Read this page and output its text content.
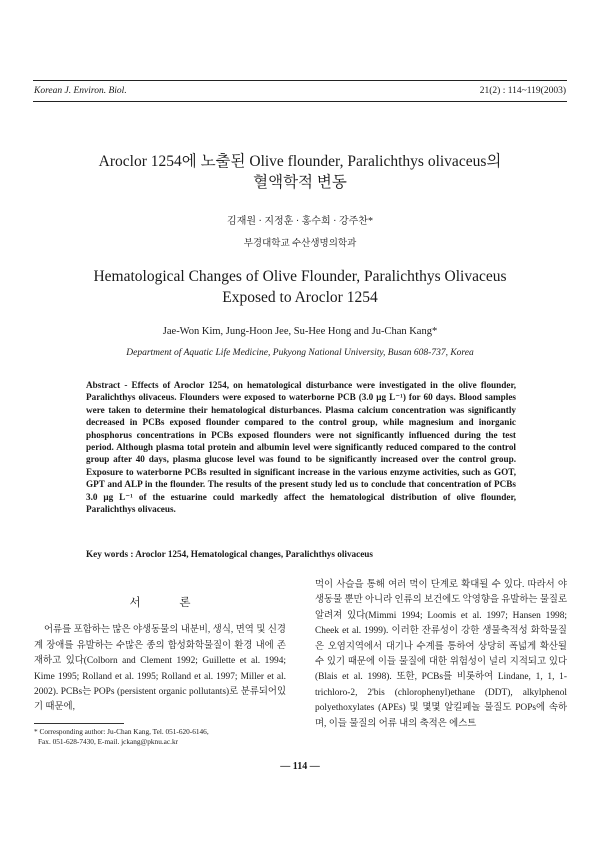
Korean J. Environ. Biol.	21(2) : 114~119(2003)
Aroclor 1254에 노출된 Olive flounder, Paralichthys olivaceus의
혈액학적 변동
김재원 · 지정훈 · 홍수희 · 강주찬*
부경대학교 수산생명의학과
Hematological Changes of Olive Flounder, Paralichthys Olivaceus
Exposed to Aroclor 1254
Jae-Won Kim, Jung-Hoon Jee, Su-Hee Hong and Ju-Chan Kang*
Department of Aquatic Life Medicine, Pukyong National University, Busan 608-737, Korea
Abstract - Effects of Aroclor 1254, on hematological disturbance were investigated in the olive flounder, Paralichthys olivaceus. Flounders were exposed to waterborne PCB (3.0 μg L⁻¹) for 60 days. Blood samples were taken to determine their hematological disturbances. Plasma calcium concentration was significantly decreased in PCBs exposed flounder compared to the control group, while magnesium and inorganic phosphorus concentrations in PCBs exposed flounders were not significantly influenced during the test period. Although plasma total protein and albumin level were significantly reduced compared to the control group after 40 days, plasma glucose level was found to be significantly increased over the control group. Exposure to waterborne PCBs resulted in significant increase in the various enzyme activities, such as GOT, GPT and ALP in the flounder. The results of the present study led us to conclude that concentration of PCBs 3.0 μg L⁻¹ of the estuarine could markedly affect the hematological distribution of olive flounder, Paralichthys olivaceus.
Key words : Aroclor 1254, Hematological changes, Paralichthys olivaceus
서 론
어류를 포함하는 많은 야생동물의 내분비, 생식, 면역 및 신경계 장애를 유발하는 수많은 종의 합성화학물질이 환경 내에 존재하고 있다(Colborn and Clement 1992; Guillette et al. 1994; Kime 1995; Rolland et al. 1995; Rolland et al. 1997; Miller et al. 2002). PCBs는 POPs (persistent organic pollutants)로 분류되어있기 때문에,
먹이 사슬을 통해 여러 먹이 단계로 확대될 수 있다. 따라서 야생동물 뿐만 아니라 인류의 보건에도 악영향을 유발하는 물질로 알려져 있다(Mimmi 1994; Loomis et al. 1997; Hansen 1998; Cheek et al. 1999). 이러한 잔류성이 강한 생물축적성 화학물질은 오염지역에서 대기나 수계를 통하여 상당히 폭넓게 확산될 수 있기 때문에 이들 물질에 대한 위험성이 널리 지적되고 있다(Blais et al. 1998). 또한, PCBs를 비롯하여 Lindane, 1, 1, 1-trichloro-2, 2'bis (chlorophenyl)ethane (DDT), alkylphenol polyethoxylates (APEs) 및 몇몇 알킬페놀 물질도 POPs에 속하며, 이들 물질의 어류 내의 축적은 에스트
* Corresponding author: Ju-Chan Kang, Tel. 051-620-6146,
Fax. 051-628-7430, E-mail. jckang@pknu.ac.kr
— 114 —
